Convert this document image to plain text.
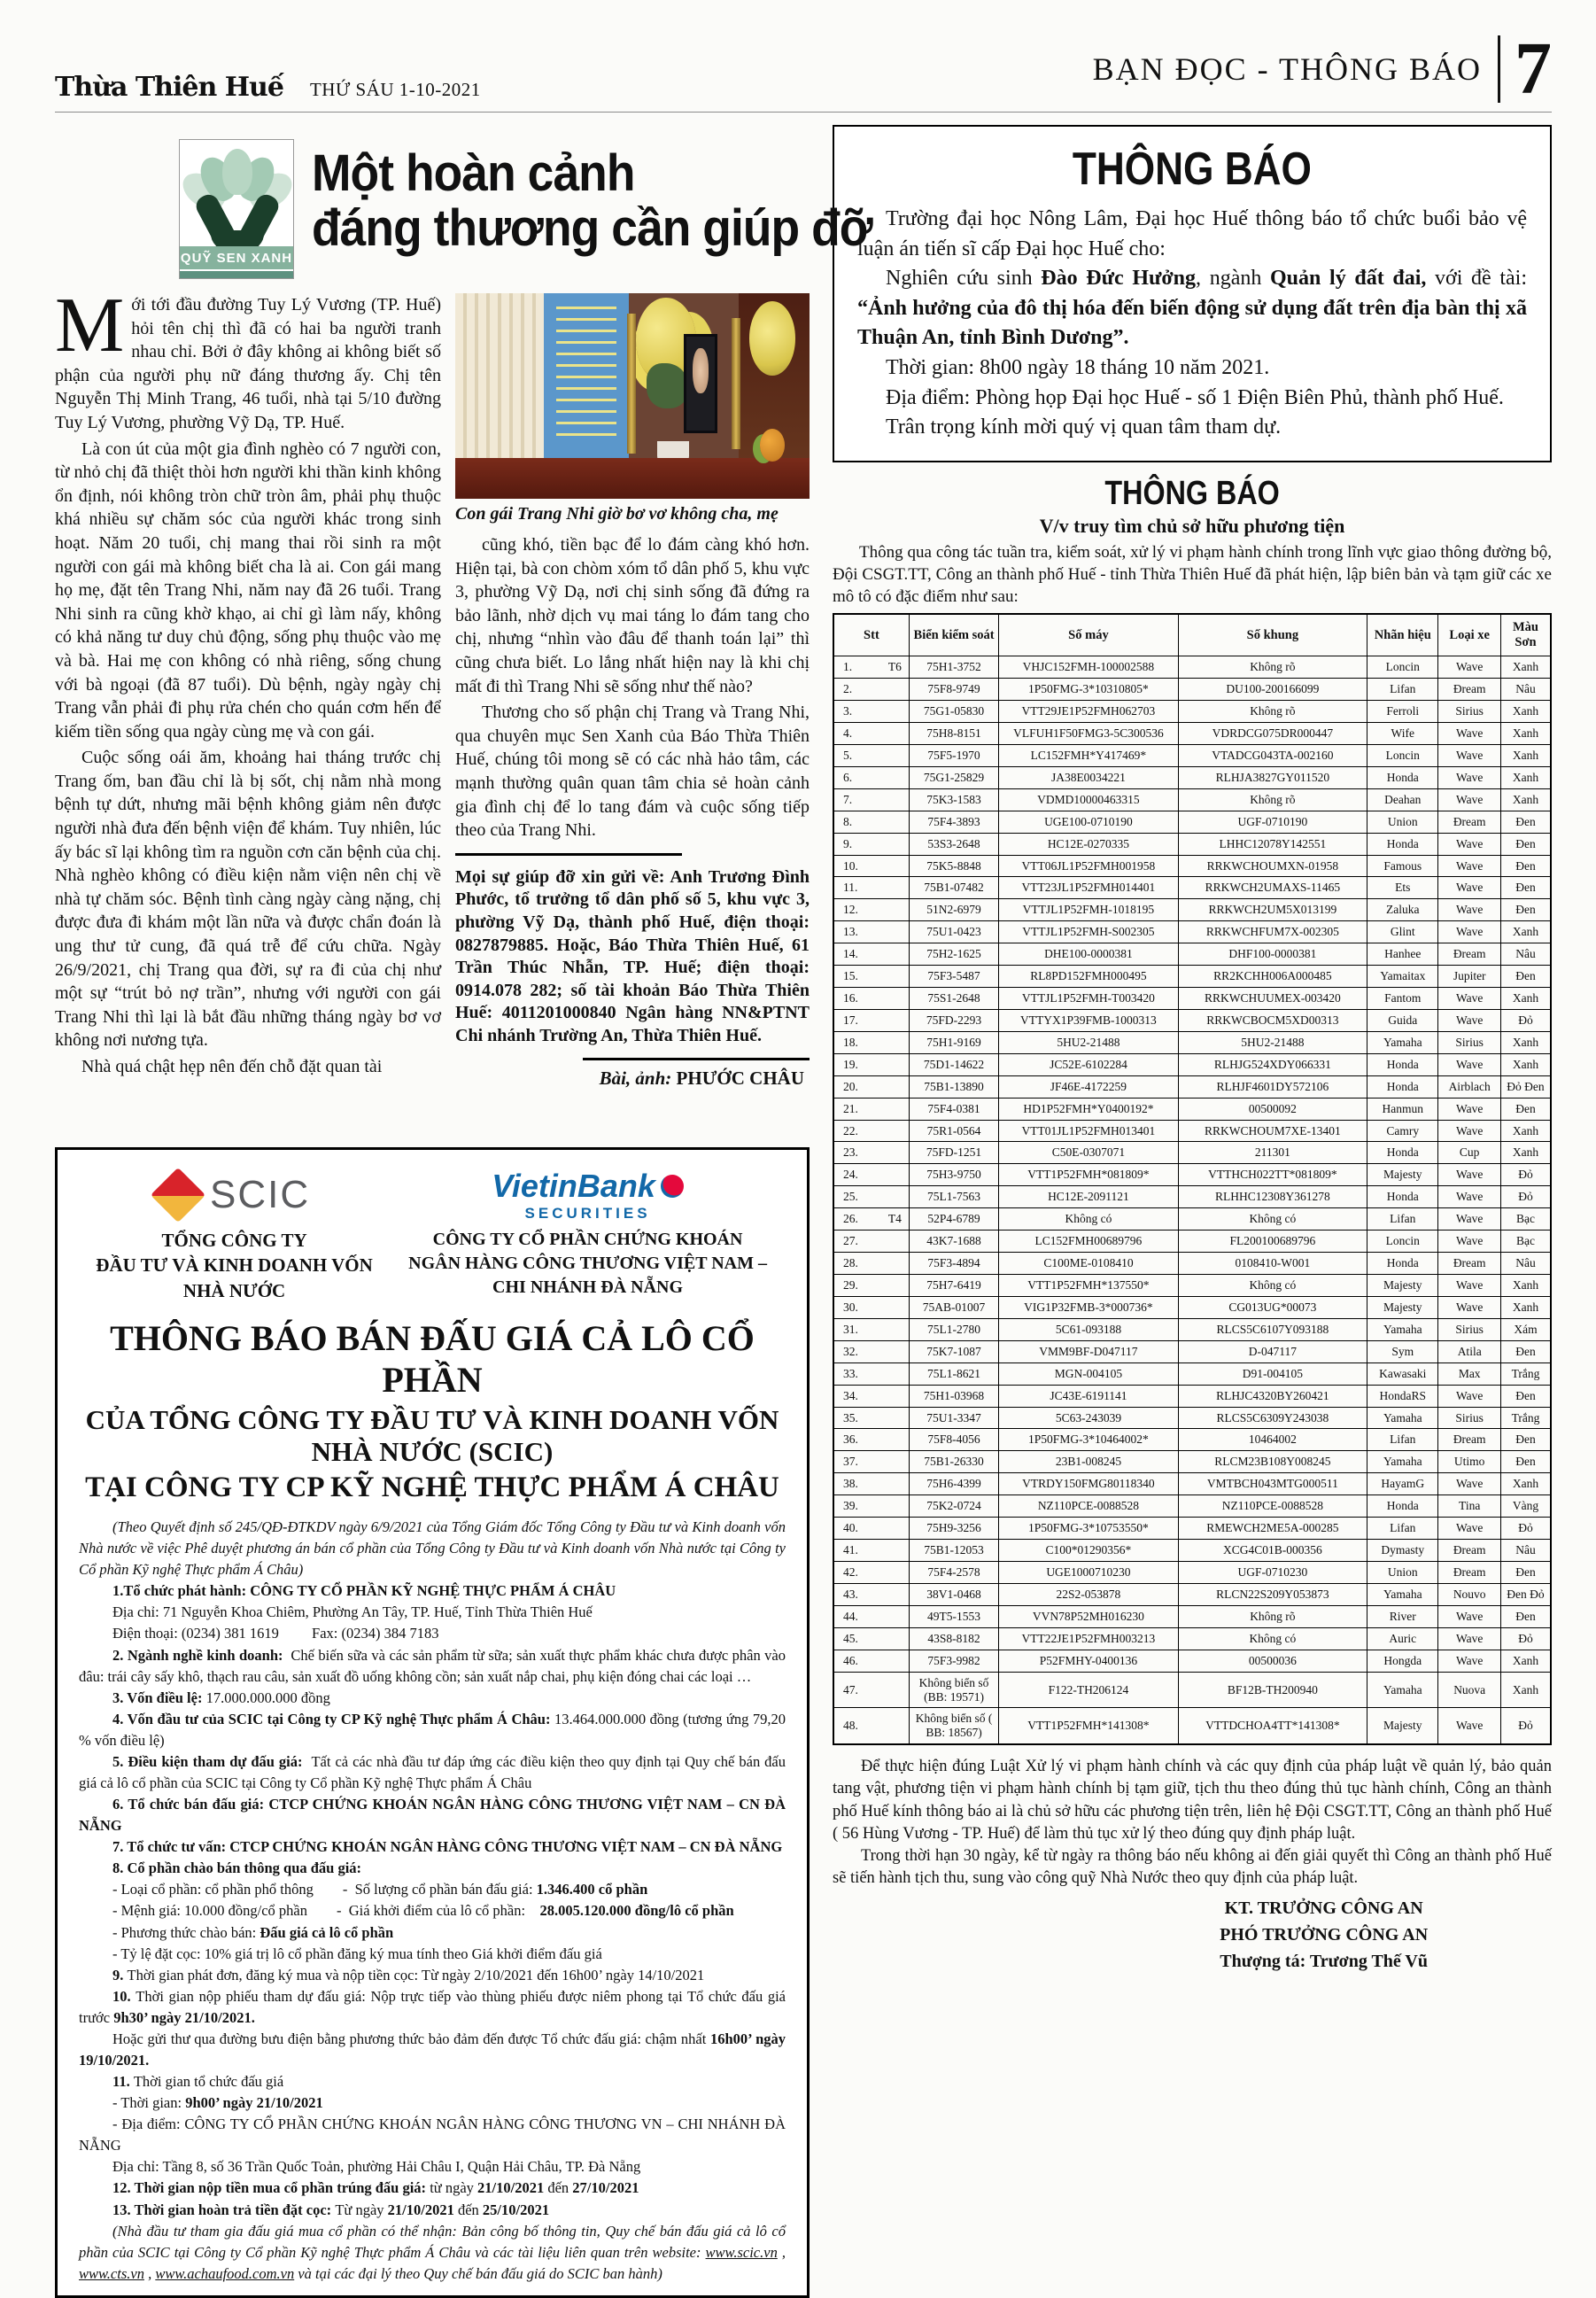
Thừa Thiên Huế THỨ SÁU 1-10-2021
BẠN ĐỌC - THÔNG BÁO 7
QUỸ SEN XANH
Một hoàn cảnh
đáng thương cần giúp đỡ

Mới tới đầu đường Tuy Lý Vương (TP. Huế) hỏi tên chị thì đã có hai ba người tranh nhau chỉ. Bởi ở đây không ai không biết số phận của người phụ nữ đáng thương ấy. Chị tên Nguyễn Thị Minh Trang, 46 tuổi, nhà tại 5/10 đường Tuy Lý Vương, phường Vỹ Dạ, TP. Huế.

Là con út của một gia đình nghèo có 7 người con, từ nhỏ chị đã thiệt thòi hơn người khi thần kinh không ổn định, nói không tròn chữ tròn âm, phải phụ thuộc khá nhiều sự chăm sóc của người khác trong sinh hoạt. Năm 20 tuổi, chị mang thai rồi sinh ra một người con gái mà không biết cha là ai. Con gái mang họ mẹ, đặt tên Trang Nhi, năm nay đã 26 tuổi. Trang Nhi sinh ra cũng khờ khạo, ai chỉ gì làm nấy, không có khả năng tư duy chủ động, sống phụ thuộc vào mẹ và bà. Hai mẹ con không có nhà riêng, sống chung với bà ngoại (đã 87 tuổi). Dù bệnh, ngày ngày chị Trang vẫn phải đi phụ rửa chén cho quán cơm hến để kiếm tiền sống qua ngày cùng mẹ và con gái.

Cuộc sống oái ăm, khoảng hai tháng trước chị Trang ốm, ban đầu chỉ là bị sốt, chị nằm nhà mong bệnh tự dứt, nhưng mãi bệnh không giảm nên được người nhà đưa đến bệnh viện để khám. Tuy nhiên, lúc ấy bác sĩ lại không tìm ra nguồn cơn căn bệnh của chị. Nhà nghèo không có điều kiện nằm viện nên chị về nhà tự chăm sóc. Bệnh tình càng ngày càng nặng, chị được đưa đi khám một lần nữa và được chẩn đoán là ung thư tử cung, đã quá trễ để cứu chữa. Ngày 26/9/2021, chị Trang qua đời, sự ra đi của chị như một sự “trút bỏ nợ trần”, nhưng với người con gái Trang Nhi thì lại là bắt đầu những tháng ngày bơ vơ không nơi nương tựa.

Nhà quá chật hẹp nên đến chỗ đặt quan tài

Con gái Trang Nhi giờ bơ vơ không cha, mẹ

cũng khó, tiền bạc để lo đám càng khó hơn. Hiện tại, bà con chòm xóm tổ dân phố 5, khu vực 3, phường Vỹ Dạ, nơi chị sinh sống đã đứng ra bảo lãnh, nhờ dịch vụ mai táng lo đám tang cho chị, nhưng “nhìn vào đâu để thanh toán lại” thì cũng chưa biết. Lo lắng nhất hiện nay là khi chị mất đi thì Trang Nhi sẽ sống như thế nào?

Thương cho số phận chị Trang và Trang Nhi, qua chuyên mục Sen Xanh của Báo Thừa Thiên Huế, chúng tôi mong sẽ có các nhà hảo tâm, các mạnh thường quân quan tâm chia sẻ hoàn cảnh gia đình chị để lo tang đám và cuộc sống tiếp theo của Trang Nhi.

Mọi sự giúp đỡ xin gửi về: Anh Trương Đình Phước, tổ trưởng tổ dân phố số 5, khu vực 3, phường Vỹ Dạ, thành phố Huế, điện thoại: 0827879885. Hoặc, Báo Thừa Thiên Huế, 61 Trần Thúc Nhẫn, TP. Huế; điện thoại: 0914.078 282; số tài khoản Báo Thừa Thiên Huế: 4011201000840 Ngân hàng NN&PTNT Chi nhánh Trường An, Thừa Thiên Huế.
Bài, ảnh: PHƯỚC CHÂU
SCIC
TỔNG CÔNG TY
ĐẦU TƯ VÀ KINH DOANH VỐN NHÀ NƯỚC
VietinBank
SECURITIES
CÔNG TY CỔ PHẦN CHỨNG KHOÁN
NGÂN HÀNG CÔNG THƯƠNG VIỆT NAM –
CHI NHÁNH ĐÀ NẴNG
THÔNG BÁO BÁN ĐẤU GIÁ CẢ LÔ CỔ PHẦN
CỦA TỔNG CÔNG TY ĐẦU TƯ VÀ KINH DOANH VỐN NHÀ NƯỚC (SCIC)
TẠI CÔNG TY CP KỸ NGHỆ THỰC PHẨM Á CHÂU

(Theo Quyết định số 245/QĐ-ĐTKDV ngày 6/9/2021 của Tổng Giám đốc Tổng Công ty Đầu tư và Kinh doanh vốn Nhà nước về việc Phê duyệt phương án bán cổ phần của Tổng Công ty Đầu tư và Kinh doanh vốn Nhà nước tại Công ty Cổ phần Kỹ nghệ Thực phẩm Á Châu)

1.Tổ chức phát hành: CÔNG TY CỔ PHẦN KỸ NGHỆ THỰC PHẨM Á CHÂU

Địa chỉ: 71 Nguyễn Khoa Chiêm, Phường An Tây, TP. Huế, Tỉnh Thừa Thiên Huế

Điện thoại: (0234) 381 1619         Fax: (0234) 384 7183

2. Ngành nghề kinh doanh:  Chế biến sữa và các sản phẩm từ sữa; sản xuất thực phẩm khác chưa được phân vào đâu: trái cây sấy khô, thạch rau câu, sản xuất đồ uống không cồn; sản xuất nắp chai, phụ kiện đóng chai các loại …

3. Vốn điều lệ: 17.000.000.000 đồng

4. Vốn đầu tư của SCIC tại Công ty CP Kỹ nghệ Thực phẩm Á Châu: 13.464.000.000 đồng (tương ứng 79,20 % vốn điều lệ)

5. Điều kiện tham dự đấu giá:  Tất cả các nhà đầu tư đáp ứng các điều kiện theo quy định tại Quy chế bán đấu giá cả lô cổ phần của SCIC tại Công ty Cổ phần Kỹ nghệ Thực phẩm Á Châu

6. Tổ chức bán đấu giá: CTCP CHỨNG KHOÁN NGÂN HÀNG CÔNG THƯƠNG VIỆT NAM – CN ĐÀ NẴNG

7. Tổ chức tư vấn: CTCP CHỨNG KHOÁN NGÂN HÀNG CÔNG THƯƠNG VIỆT NAM – CN ĐÀ NẴNG

8. Cổ phần chào bán thông qua đấu giá:

- Loại cổ phần: cổ phần phổ thông        -  Số lượng cổ phần bán đấu giá: 1.346.400 cổ phần

- Mệnh giá: 10.000 đồng/cổ phần        -  Giá khởi điểm của lô cổ phần:    28.005.120.000 đồng/lô cổ phần

- Phương thức chào bán: Đấu giá cả lô cổ phần

- Tỷ lệ đặt cọc: 10% giá trị lô cổ phần đăng ký mua tính theo Giá khởi điểm đấu giá

9. Thời gian phát đơn, đăng ký mua và nộp tiền cọc: Từ ngày 2/10/2021 đến 16h00’ ngày 14/10/2021

10. Thời gian nộp phiếu tham dự đấu giá: Nộp trực tiếp vào thùng phiếu được niêm phong tại Tổ chức đấu giá trước 9h30’ ngày 21/10/2021.

Hoặc gửi thư qua đường bưu điện bằng phương thức bảo đảm đến được Tổ chức đấu giá: chậm nhất 16h00’ ngày 19/10/2021.

11. Thời gian tổ chức đấu giá

- Thời gian: 9h00’ ngày 21/10/2021

- Địa điểm: CÔNG TY CỔ PHẦN CHỨNG KHOÁN NGÂN HÀNG CÔNG THƯƠNG VN – CHI NHÁNH ĐÀ NẴNG

Địa chỉ: Tầng 8, số 36 Trần Quốc Toản, phường Hải Châu I, Quận Hải Châu, TP. Đà Nẵng

12. Thời gian nộp tiền mua cổ phần trúng đấu giá: từ ngày 21/10/2021 đến 27/10/2021

13. Thời gian hoàn trả tiền đặt cọc: Từ ngày 21/10/2021 đến 25/10/2021

(Nhà đầu tư tham gia đấu giá mua cổ phần có thể nhận: Bản công bố thông tin, Quy chế bán đấu giá cả lô cổ phần của SCIC tại Công ty Cổ phần Kỹ nghệ Thực phẩm Á Châu và các tài liệu liên quan trên website: www.scic.vn , www.cts.vn , www.achaufood.com.vn và tại các đại lý theo Quy chế bán đấu giá do SCIC ban hành)

THÔNG BÁO

Trường đại học Nông Lâm, Đại học Huế thông báo tổ chức buổi bảo vệ luận án tiến sĩ cấp Đại học Huế cho:

Nghiên cứu sinh Đào Đức Hưởng, ngành Quản lý đất đai, với đề tài: “Ảnh hưởng của đô thị hóa đến biến động sử dụng đất trên địa bàn thị xã Thuận An, tỉnh Bình Dương”.

Thời gian: 8h00 ngày 18 tháng 10 năm 2021.

Địa điểm: Phòng họp Đại học Huế - số 1 Điện Biên Phủ, thành phố Huế.

Trân trọng kính mời quý vị quan tâm tham dự.

THÔNG BÁO
V/v truy tìm chủ sở hữu phương tiện
Thông qua công tác tuần tra, kiểm soát, xử lý vi phạm hành chính trong lĩnh vực giao thông đường bộ, Đội CSGT.TT, Công an thành phố Huế - tỉnh Thừa Thiên Huế đã phát hiện, lập biên bản và tạm giữ các xe mô tô có đặc điểm như sau:
Stt	Biển kiểm soát	Số máy	Số khung	Nhãn hiệu	Loại xe	Màu Sơn

1. T6	75H1-3752	VHJC152FMH-100002588	Không rõ	Loncin	Wave	Xanh

2.	75F8-9749	1P50FMG-3*10310805*	DU100-200166099	Lifan	Đream	Nâu

3.	75G1-05830	VTT29JE1P52FMH062703	Không rõ	Ferroli	Sirius	Xanh

4.	75H8-8151	VLFUH1F50FMG3-5C300536	VDRDCG075DR000447	Wife	Wave	Xanh

5.	75F5-1970	LC152FMH*Y417469*	VTADCG043TA-002160	Loncin	Wave	Xanh

6.	75G1-25829	JA38E0034221	RLHJA3827GY011520	Honda	Wave	Xanh

7.	75K3-1583	VDMD10000463315	Không rõ	Deahan	Wave	Xanh

8.	75F4-3893	UGE100-0710190	UGF-0710190	Union	Đream	Đen

9.	53S3-2648	HC12E-0270335	LHHC12078Y142551	Honda	Wave	Đen

10.	75K5-8848	VTT06JL1P52FMH001958	RRKWCHOUMXN-01958	Famous	Wave	Đen

11.	75B1-07482	VTT23JL1P52FMH014401	RRKWCH2UMAXS-11465	Ets	Wave	Đen

12.	51N2-6979	VTTJL1P52FMH-1018195	RRKWCH2UM5X013199	Zaluka	Wave	Đen

13.	75U1-0423	VTTJL1P52FMH-S002305	RRKWCHFUM7X-002305	Glint	Wave	Xanh

14.	75H2-1625	DHE100-0000381	DHF100-0000381	Hanhee	Đream	Nâu

15.	75F3-5487	RL8PD152FMH000495	RR2KCHH006A000485	Yamaitax	Jupiter	Đen

16.	75S1-2648	VTTJL1P52FMH-T003420	RRKWCHUUMEX-003420	Fantom	Wave	Xanh

17.	75FD-2293	VTTYX1P39FMB-1000313	RRKWCBOCM5XD00313	Guida	Wave	Đỏ

18.	75H1-9169	5HU2-21488	5HU2-21488	Yamaha	Sirius	Xanh

19.	75D1-14622	JC52E-6102284	RLHJG524XDY066331	Honda	Wave	Xanh

20.	75B1-13890	JF46E-4172259	RLHJF4601DY572106	Honda	Airblach	Đỏ Đen

21.	75F4-0381	HD1P52FMH*Y0400192*	00500092	Hanmun	Wave	Đen

22.	75R1-0564	VTT01JL1P52FMH013401	RRKWCHOUM7XE-13401	Camry	Wave	Xanh

23.	75FD-1251	C50E-0307071	211301	Honda	Cup	Xanh

24.	75H3-9750	VTT1P52FMH*081809*	VTTHCH022TT*081809*	Majesty	Wave	Đỏ

25.	75L1-7563	HC12E-2091121	RLHHC12308Y361278	Honda	Wave	Đỏ

26. T4	52P4-6789	Không có	Không có	Lifan	Wave	Bạc

27.	43K7-1688	LC152FMH00689796	FL200100689796	Loncin	Wave	Bạc

28.	75F3-4894	C100ME-0108410	0108410-W001	Honda	Đream	Nâu

29.	75H7-6419	VTT1P52FMH*137550*	Không có	Majesty	Wave	Xanh

30.	75AB-01007	VIG1P32FMB-3*000736*	CG013UG*00073	Majesty	Wave	Xanh

31.	75L1-2780	5C61-093188	RLCS5C6107Y093188	Yamaha	Sirius	Xám

32.	75K7-1087	VMM9BF-D047117	D-047117	Sym	Atila	Đen

33.	75L1-8621	MGN-004105	D91-004105	Kawasaki	Max	Trắng

34.	75H1-03968	JC43E-6191141	RLHJC4320BY260421	HondaRS	Wave	Đen

35.	75U1-3347	5C63-243039	RLCS5C6309Y243038	Yamaha	Sirius	Trắng

36.	75F8-4056	1P50FMG-3*10464002*	10464002	Lifan	Đream	Đen

37.	75B1-26330	23B1-008245	RLCM23B108Y008245	Yamaha	Utimo	Đen

38.	75H6-4399	VTRDY150FMG80118340	VMTBCH043MTG000511	HayamG	Wave	Xanh

39.	75K2-0724	NZ110PCE-0088528	NZ110PCE-0088528	Honda	Tina	Vàng

40.	75H9-3256	1P50FMG-3*10753550*	RMEWCH2ME5A-000285	Lifan	Wave	Đỏ

41.	75B1-12053	C100*01290356*	XCG4C01B-000356	Dymasty	Đream	Nâu

42.	75F4-2578	UGE1000710230	UGF-0710230	Union	Đream	Đen

43.	38V1-0468	22S2-053878	RLCN22S209Y053873	Yamaha	Nouvo	Đen Đỏ

44.	49T5-1553	VVN78P52MH016230	Không rõ	River	Wave	Đen

45.	43S8-8182	VTT22JE1P52FMH003213	Không có	Auric	Wave	Đỏ

46.	75F3-9982	P52FMHY-0400136	00500036	Hongda	Wave	Xanh

47.	Không biển số (BB: 19571)	F122-TH206124	BF12B-TH200940	Yamaha	Nuova	Xanh

48.	Không biển số ( BB: 18567)	VTT1P52FMH*141308*	VTTDCHOA4TT*141308*	Majesty	Wave	Đỏ

Để thực hiện đúng Luật Xử lý vi phạm hành chính và các quy định của pháp luật về quản lý, bảo quản tang vật, phương tiện vi phạm hành chính bị tạm giữ, tịch thu theo đúng thủ tục hành chính, Công an thành phố Huế kính thông báo ai là chủ sở hữu các phương tiện trên, liên hệ Đội CSGT.TT, Công an thành phố Huế ( 56 Hùng Vương - TP. Huế) để làm thủ tục xử lý theo đúng quy định pháp luật.

Trong thời hạn 30 ngày, kể từ ngày ra thông báo nếu không ai đến giải quyết thì Công an thành phố Huế sẽ tiến hành tịch thu, sung vào công quỹ Nhà Nước theo quy định của pháp luật.

KT. TRƯỞNG CÔNG AN
PHÓ TRƯỞNG CÔNG AN
Thượng tá: Trương Thế Vũ
